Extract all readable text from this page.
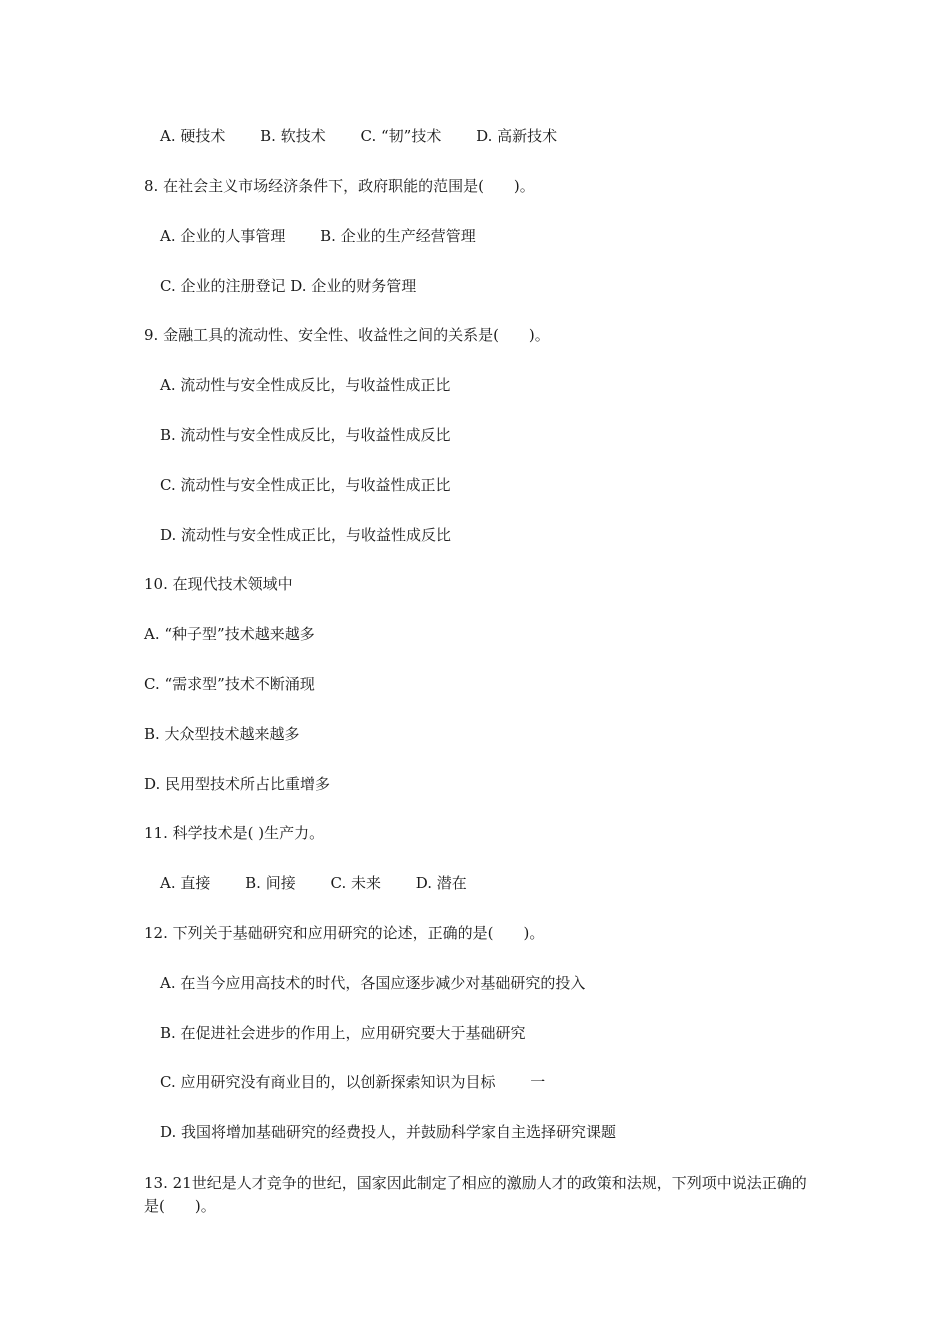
A. 硬技术 B. 软技术 C. “韧”技术 D. 高新技术
8. 在社会主义市场经济条件下，政府职能的范围是(　　)。
A. 企业的人事管理 B. 企业的生产经营管理
C. 企业的注册登记 D. 企业的财务管理
9. 金融工具的流动性、安全性、收益性之间的关系是(　　)。
A. 流动性与安全性成反比，与收益性成正比
B. 流动性与安全性成反比，与收益性成反比
C. 流动性与安全性成正比，与收益性成正比
D. 流动性与安全性成正比，与收益性成反比
10. 在现代技术领域中
A. “种子型”技术越来越多
C. “需求型”技术不断涌现
B. 大众型技术越来越多
D. 民用型技术所占比重增多
11. 科学技术是( )生产力。
A. 直接 B. 间接 C. 未来 D. 潜在
12. 下列关于基础研究和应用研究的论述，正确的是(　　)。
A. 在当今应用高技术的时代，各国应逐步减少对基础研究的投入
B. 在促进社会进步的作用上，应用研究要大于基础研究
C. 应用研究没有商业目的，以创新探索知识为目标 一
D. 我国将增加基础研究的经费投人，并鼓励科学家自主选择研究课题
13. 21世纪是人才竞争的世纪，国家因此制定了相应的激励人才的政策和法规，下列项中说法正确的是(　　)。
